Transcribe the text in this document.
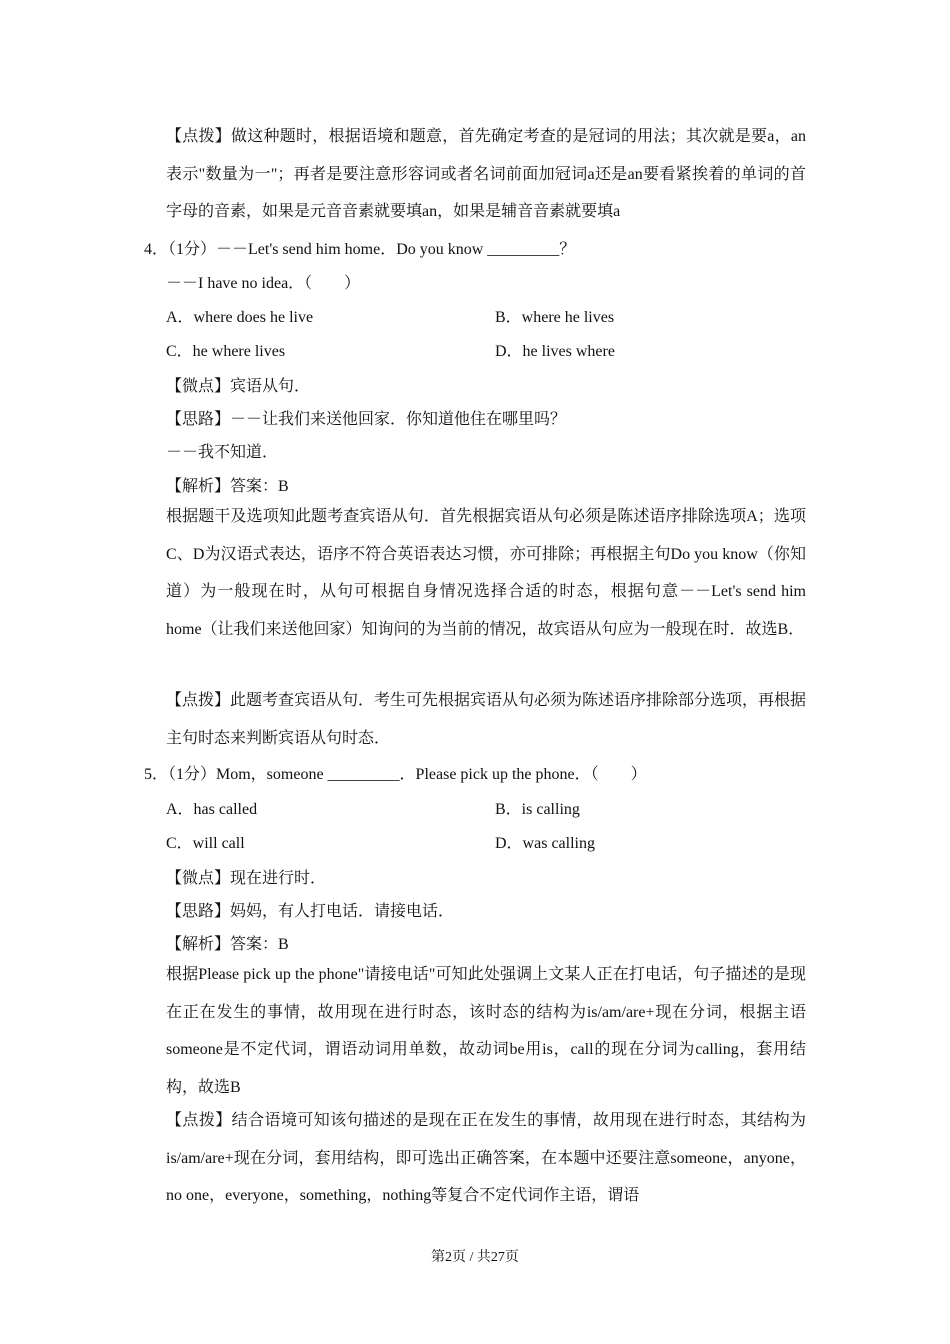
【点拨】做这种题时，根据语境和题意，首先确定考查的是冠词的用法；其次就是要a，an表示"数量为一"；再者是要注意形容词或者名词前面加冠词a还是an要看紧挨着的单词的首字母的音素，如果是元音音素就要填an，如果是辅音音素就要填a

4．（1分）－－Let's send him home．Do you know _________？

－－I have no idea．（　　）

A．where does he live	B．where he lives

C．he where lives	D．he lives where

【微点】宾语从句．

【思路】－－让我们来送他回家．你知道他住在哪里吗？

－－我不知道．

【解析】答案：B

根据题干及选项知此题考查宾语从句．首先根据宾语从句必须是陈述语序排除选项A；选项C、D为汉语式表达，语序不符合英语表达习惯，亦可排除；再根据主句Do you know（你知道）为一般现在时，从句可根据自身情况选择合适的时态，根据句意－－Let's send him home（让我们来送他回家）知询问的为当前的情况，故宾语从句应为一般现在时．故选B．

【点拨】此题考查宾语从句．考生可先根据宾语从句必须为陈述语序排除部分选项，再根据主句时态来判断宾语从句时态．

5．（1分）Mom，someone _________．Please pick up the phone．（　　）

A．has called	B．is calling

C．will call	D．was calling

【微点】现在进行时．

【思路】妈妈，有人打电话．请接电话．

【解析】答案：B

根据Please pick up the phone"请接电话"可知此处强调上文某人正在打电话，句子描述的是现在正在发生的事情，故用现在进行时态，该时态的结构为is/am/are+现在分词，根据主语someone是不定代词，谓语动词用单数，故动词be用is，call的现在分词为calling，套用结构，故选B

【点拨】结合语境可知该句描述的是现在正在发生的事情，故用现在进行时态，其结构为is/am/are+现在分词，套用结构，即可选出正确答案，在本题中还要注意someone，anyone，no one，everyone，something，nothing等复合不定代词作主语，谓语

第2页 / 共27页
